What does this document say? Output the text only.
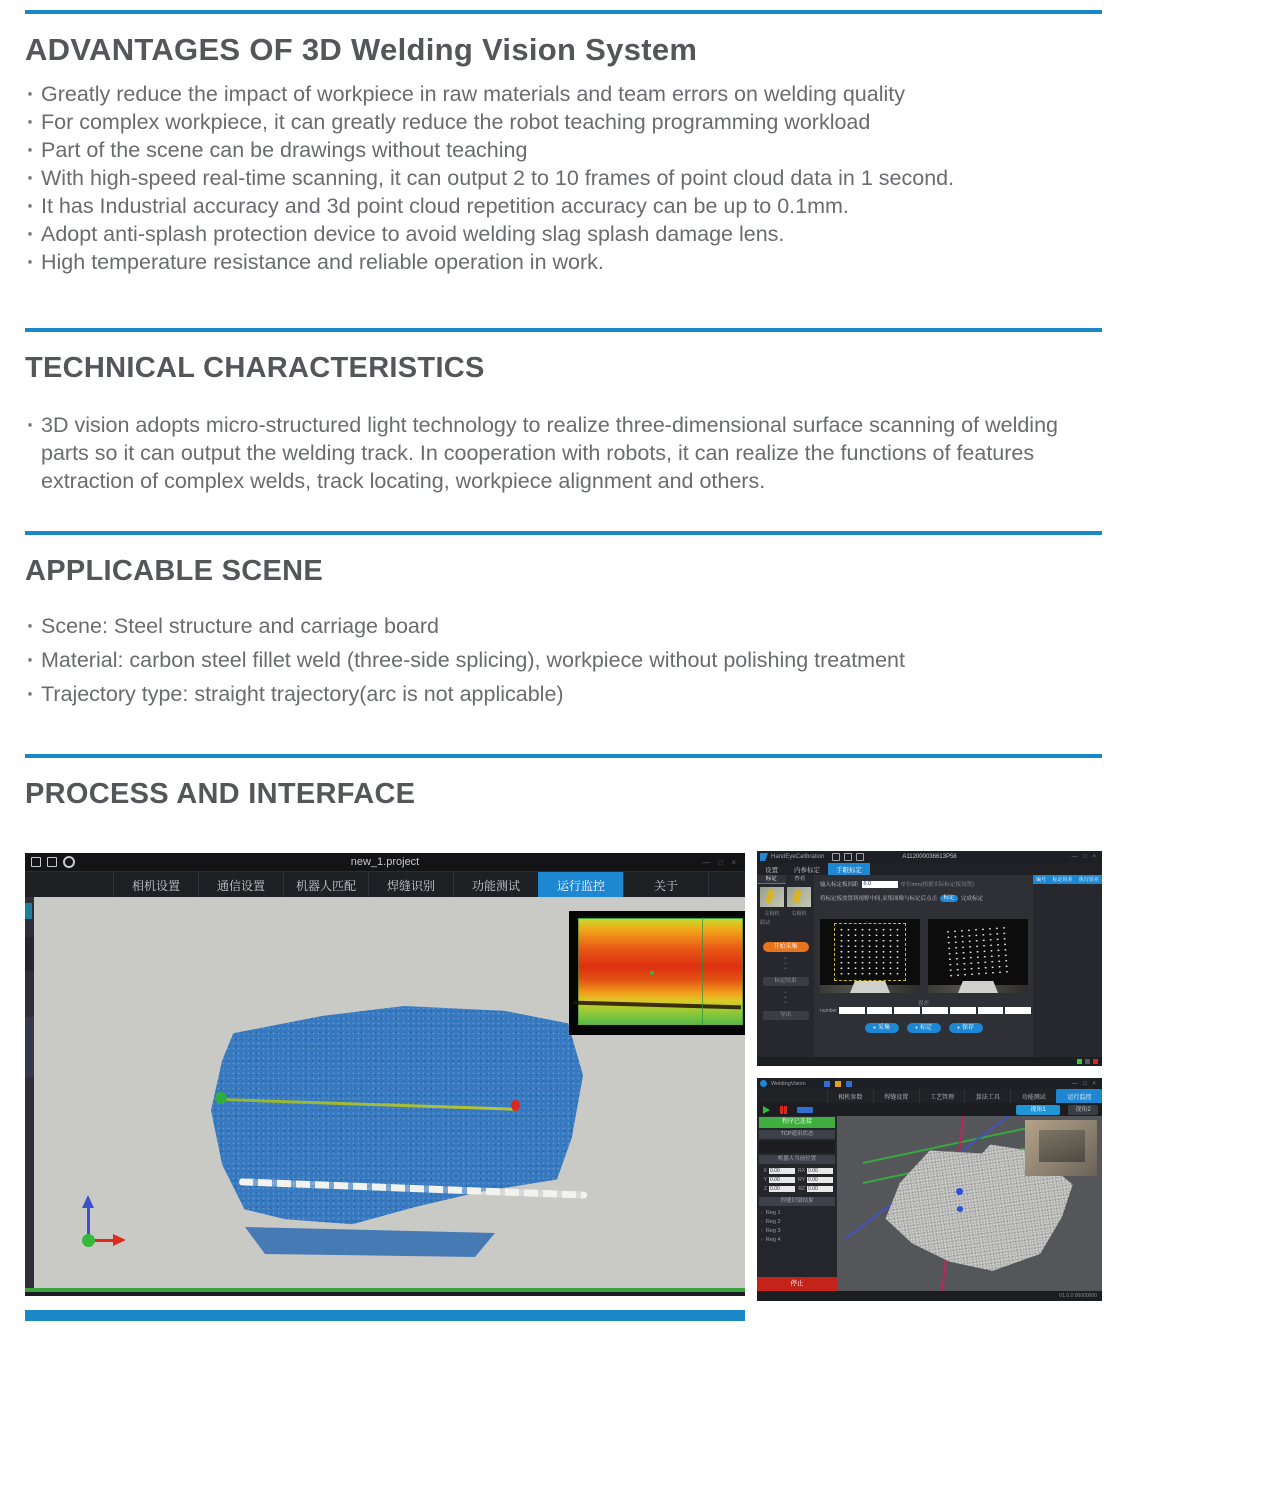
ADVANTAGES OF 3D Welding Vision System
· Greatly reduce the impact of workpiece in raw materials and team errors on welding quality
· For complex workpiece, it can greatly reduce the robot teaching programming workload
· Part of the scene can be drawings without teaching
· With high-speed real-time scanning, it can output 2 to 10 frames of point cloud data in 1 second.
· It has Industrial accuracy and 3d point cloud repetition accuracy can be up to 0.1mm.
· Adopt anti-splash protection device to avoid welding slag splash damage lens.
· High temperature resistance and reliable operation in work.
TECHNICAL CHARACTERISTICS
· 3D vision adopts micro-structured light technology to realize three-dimensional surface scanning of welding parts so it can output the welding track. In cooperation with robots, it can realize the functions of features extraction of complex welds, track locating, workpiece alignment and others.
APPLICABLE SCENE
· Scene: Steel structure and carriage board
· Material: carbon steel fillet weld (three-side splicing), workpiece without polishing treatment
· Trajectory type: straight trajectory(arc is not applicable)
PROCESS AND INTERFACE
new_1.project	— □ ×
相机设置	通信设置	机器人匹配	焊缝识别	功能测试	运行监控	关于
HandEyeCalibration	A112000036613P58	— □ ×
设置	内参标定	手眼标定
标定	查看
左相机	右相机
联动
开始采集
⌄
⌄
⌄
标定结果
⌄
⌄
⌄
导出
输入标定板间距 6.0	单位mm(根据实际标定板设置)
将标定板放置到视野中间,采集图像与标定后点击	标定	完成标定
误差
number
● 采集	● 标定	● 保存
编号 标定误差 执行误差
WeldingVision	— □ ×
相机参数	焊缝设置	工艺管理	算法工具	功能测试	运行监控
视角1	视角2
程序已连接
TCP通讯状态
机器人当前位置
X 0.00	RX 0.00
Y 0.00	RY 0.00
Z 0.00	RZ 0.00
焊缝识别结果
› Reg 1
› Reg 2
› Reg 3
› Reg 4
停止
V1.0.0 00000000
